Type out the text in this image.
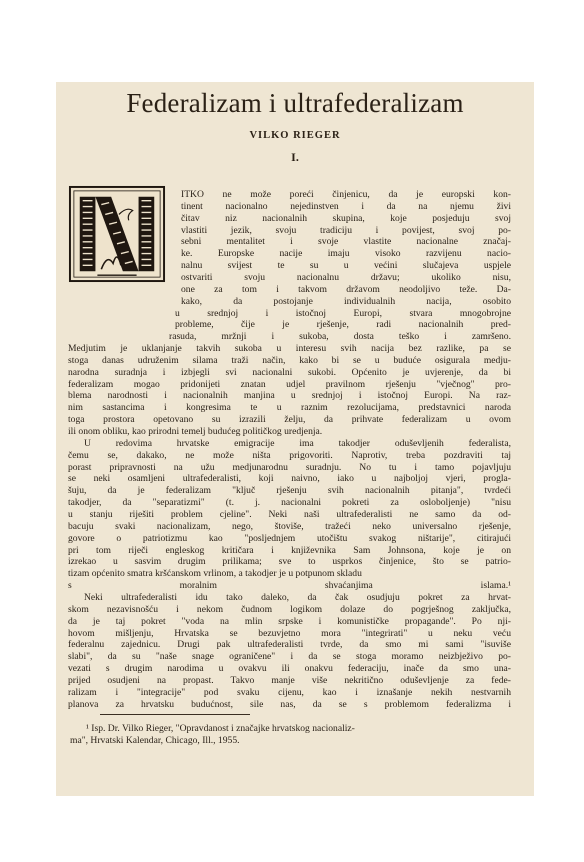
Federalizam i ultrafederalizam
VILKO RIEGER
I.
ITKO ne može poreći činjenicu, da je europski kon-
tinent nacionalno nejedinstven i da na njemu živi
čitav niz nacionalnih skupina, koje posjeduju svoj
vlastiti jezik, svoju tradiciju i povijest, svoj po-
sebni mentalitet i svoje vlastite nacionalne značaj-
ke. Europske nacije imaju visoko razvijenu nacio-
nalnu svijest te su u većini slučajeva uspjele
ostvariti svoju nacionalnu državu; ukoliko nisu,
one za tom i takvom državom neodoljivo teže. Da-
kako, da postojanje individualnih nacija, osobito
u srednjoj i istočnoj Europi, stvara mnogobrojne
probleme, čije je rješenje, radi nacionalnih pred-
rasuda, mržnji i sukoba, dosta teško i zamršeno.
Medjutim je uklanjanje takvih sukoba u interesu svih nacija bez razlike, pa se
stoga danas udruženim silama traži način, kako bi se u buduće osigurala medju-
narodna suradnja i izbjegli svi nacionalni sukobi. Općenito je uvjerenje, da bi
federalizam mogao pridonijeti znatan udjel pravilnom rješenju "vječnog" pro-
blema narodnosti i nacionalnih manjina u srednjoj i istočnoj Europi. Na raz-
nim sastancima i kongresima te u raznim rezolucijama, predstavnici naroda
toga prostora opetovano su izrazili želju, da prihvate federalizam u ovom
ili onom obliku, kao prirodni temelj budućeg političkog uredjenja.
U redovima hrvatske emigracije ima takodjer oduševljenih federalista,
čemu se, dakako, ne može ništa prigovoriti. Naprotiv, treba pozdraviti taj
porast pripravnosti na užu medjunarodnu suradnju. No tu i tamo pojavljuju
se neki osamljeni ultrafederalisti, koji naivno, iako u najboljoj vjeri, progla-
šuju, da je federalizam "ključ rješenju svih nacionalnih pitanja", tvrdeći
takodjer, da "separatizmi" (t. j. nacionalni pokreti za osloboljenje) "nisu
u stanju riješiti problem cjeline". Neki naši ultrafederalisti ne samo da od-
bacuju svaki nacionalizam, nego, štoviše, tražeći neko universalno rješenje,
govore o patriotizmu kao "posljednjem utočištu svakog ništarije", citirajući
pri tom riječi engleskog kritičara i književnika Sam Johnsona, koje je on
izrekao u sasvim drugim prilikama; sve to usprkos činjenice, što se patrio-
tizam općenito smatra kršćanskom vrlinom, a takodjer je u potpunom skladu
s moralnim shvaćanjima islama.¹
Neki ultrafederalisti idu tako daleko, da čak osudjuju pokret za hrvat-
skom nezavisnošću i nekom čudnom logikom dolaze do pogrješnog zaključka,
da je taj pokret "voda na mlin srpske i komunističke propagande". Po nji-
hovom mišljenju, Hrvatska se bezuvjetno mora "integrirati" u neku veću
federalnu zajednicu. Drugi pak ultrafederalisti tvrde, da smo mi sami "isuviše
slabi", da su "naše snage ograničene" i da se stoga moramo neizbježivo po-
vezati s drugim narodima u ovakvu ili onakvu federaciju, inače da smo una-
prijed osudjeni na propast. Takvo manje više nekritično oduševljenje za fede-
ralizam i "integracije" pod svaku cijenu, kao i iznašanje nekih nestvarnih
planova za hrvatsku budućnost, sile nas, da se s problemom federalizma i
¹ Isp. Dr. Vilko Rieger, "Opravdanost i značajke hrvatskog nacionaliz-
ma", Hrvatski Kalendar, Chicago, Ill., 1955.
